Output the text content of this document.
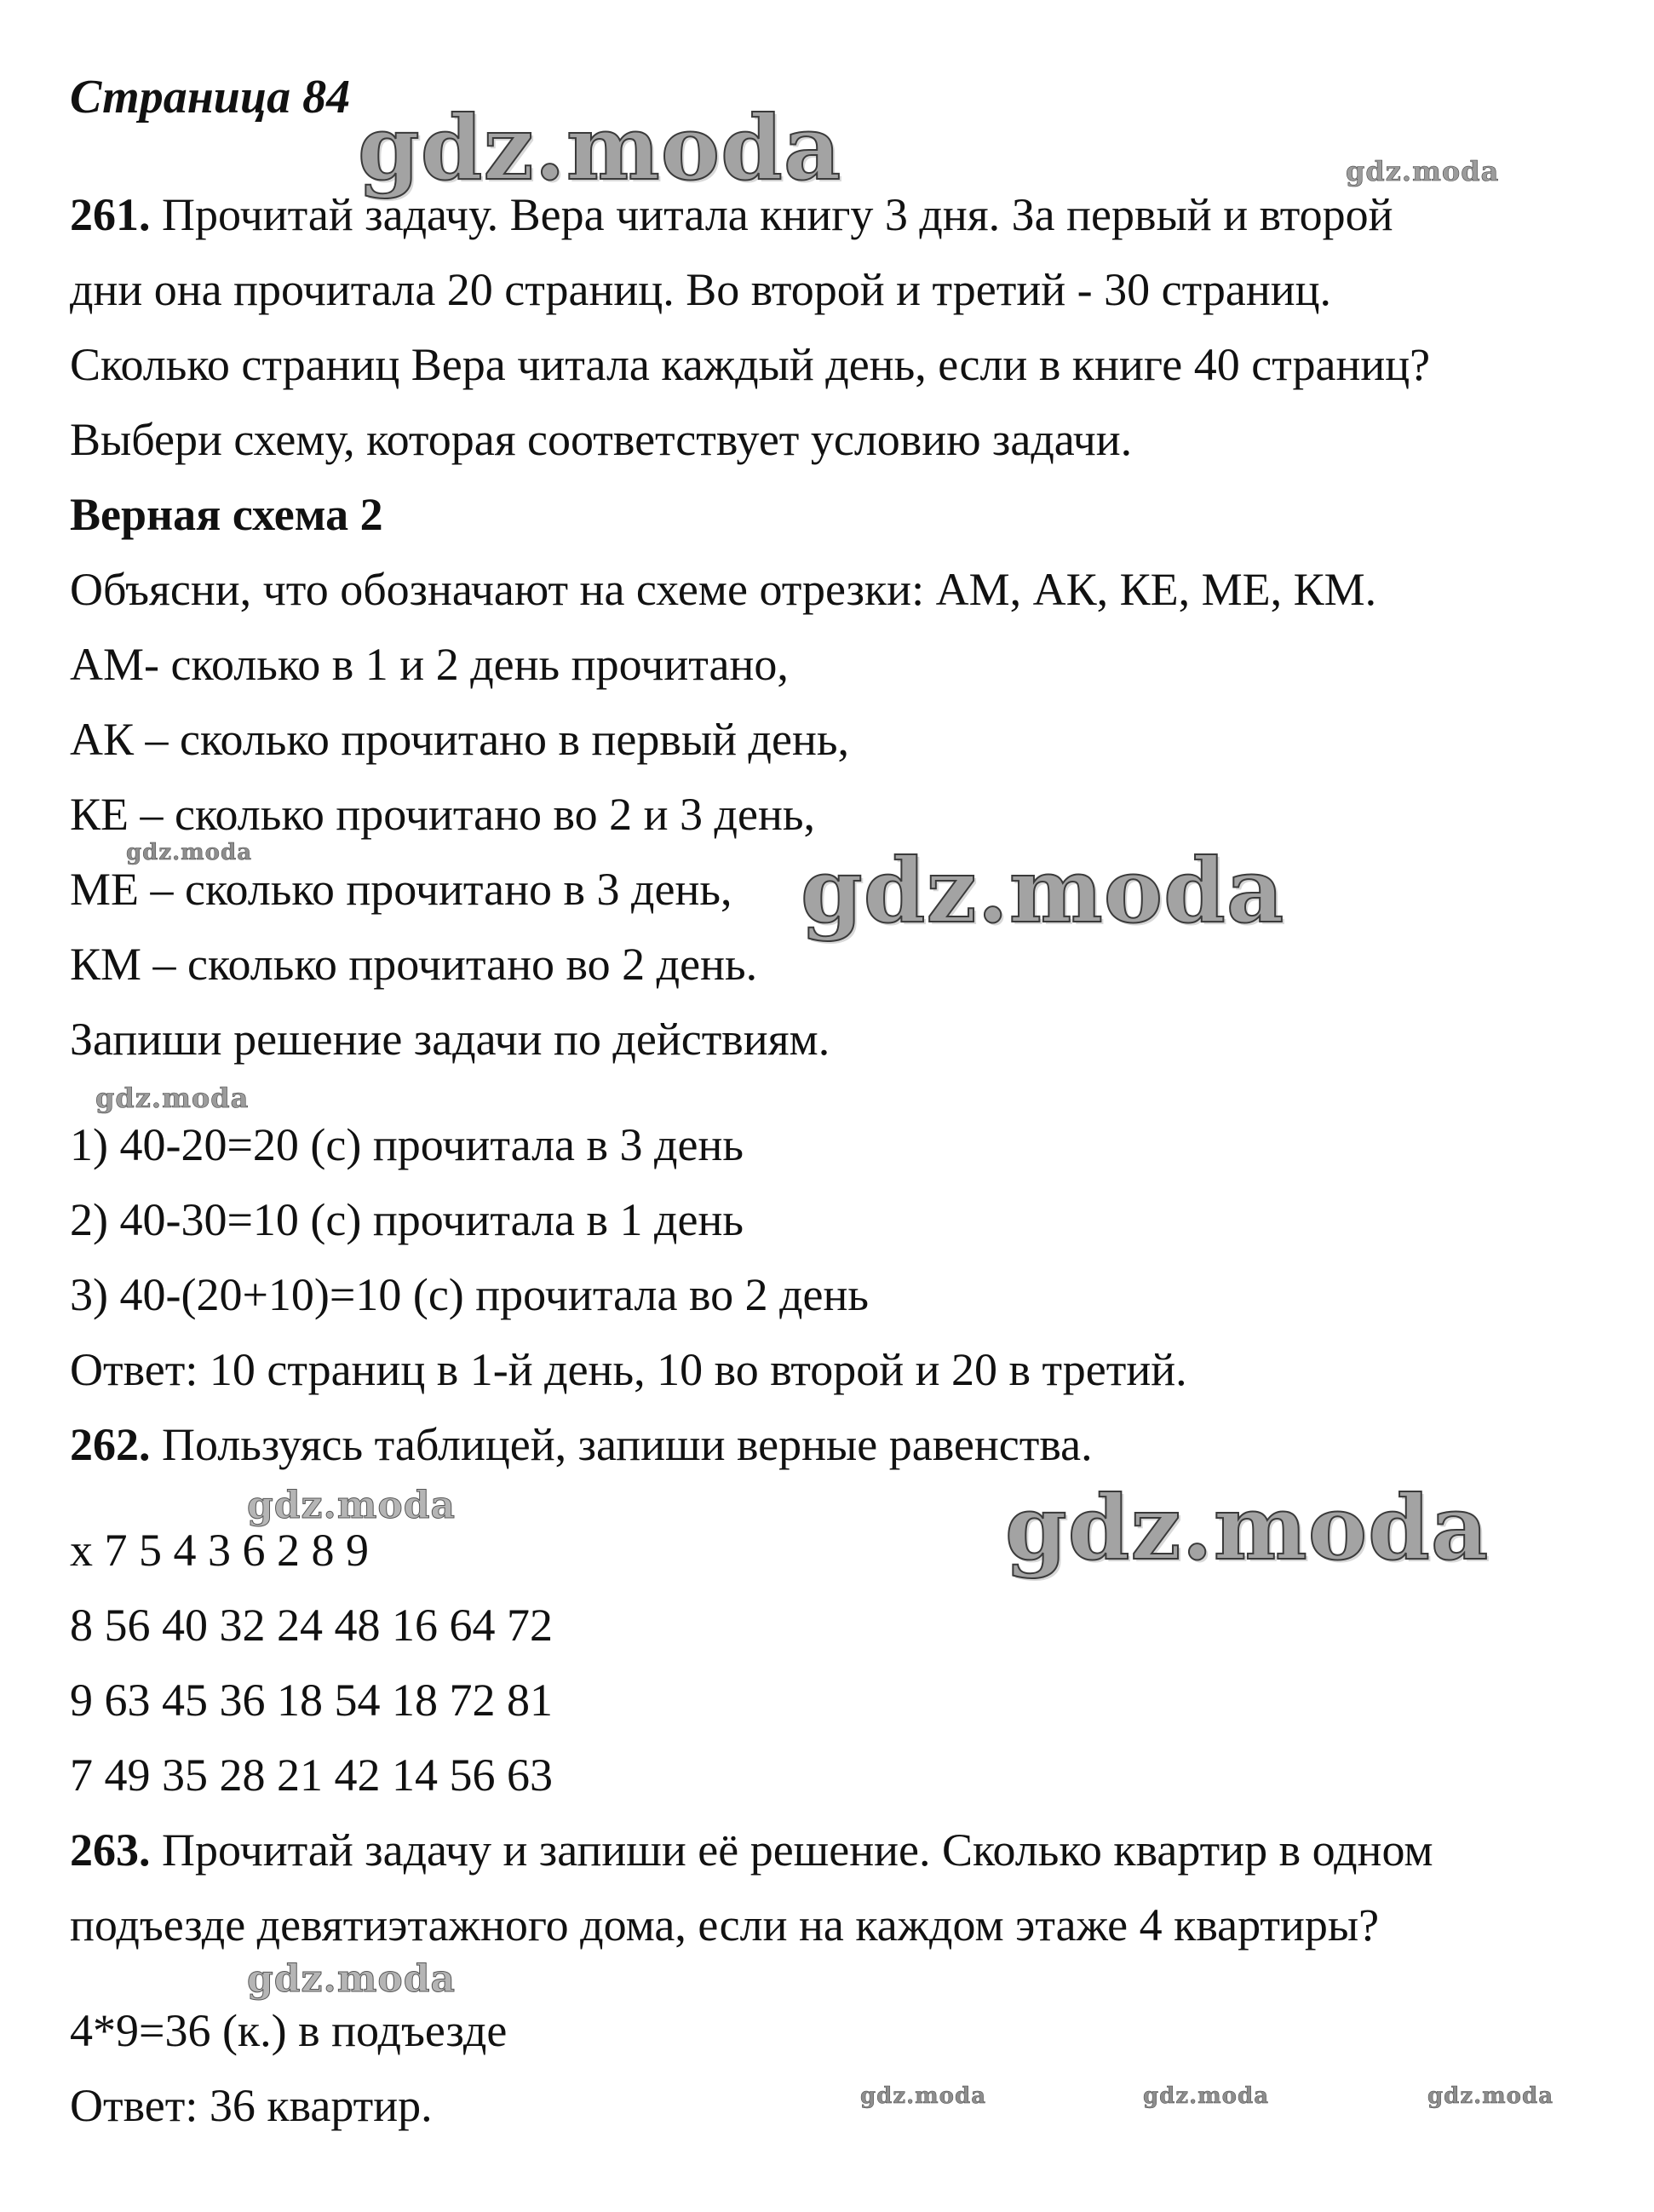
Страница 84
261. Прочитай задачу. Вера читала книгу 3 дня. За первый и второй
дни она прочитала 20 страниц. Во второй и третий - 30 страниц.
Сколько страниц Вера читала каждый день, если в книге 40 страниц?
Выбери схему, которая соответствует условию задачи.
Верная схема 2
Объясни, что обозначают на схеме отрезки: АМ, АК, КЕ, МЕ, КМ.
АМ- сколько в 1 и 2 день прочитано,
АК – сколько прочитано в первый день,
КЕ – сколько прочитано во 2 и 3 день,
МЕ – сколько прочитано в 3 день,
КМ – сколько прочитано во 2 день.
Запиши решение задачи по действиям.
1) 40-20=20 (с) прочитала в 3 день
2) 40-30=10 (с) прочитала в 1 день
3) 40-(20+10)=10 (с) прочитала во 2 день
Ответ: 10 страниц в 1-й день, 10 во второй и 20 в третий.
262. Пользуясь таблицей, запиши верные равенства.
x 7 5 4 3 6 2 8 9
8 56 40 32 24 48 16 64 72
9 63 45 36 18 54 18 72 81
7 49 35 28 21 42 14 56 63
263. Прочитай задачу и запиши её решение. Сколько квартир в одном
подъезде девятиэтажного дома, если на каждом этаже 4 квартиры?
4*9=36 (к.) в подъезде
Ответ: 36 квартир.
gdz.moda	gdz.moda
gdz.moda	gdz.moda
gdz.moda
gdz.moda	gdz.moda
gdz.moda
gdz.moda	gdz.moda	gdz.moda
